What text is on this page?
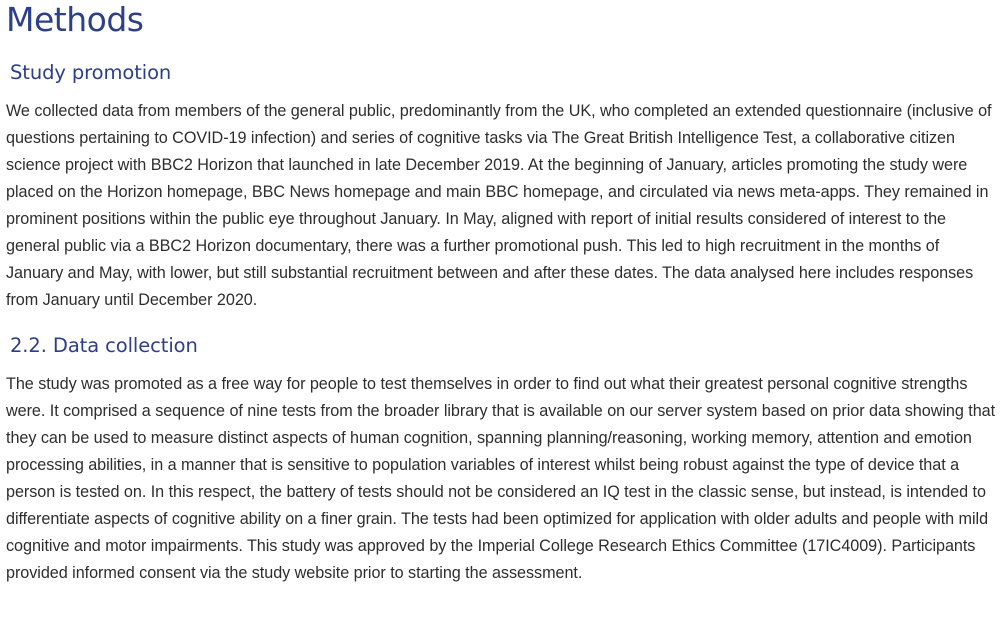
Methods
Study promotion

We collected data from members of the general public, predominantly from the UK, who completed an extended questionnaire (inclusive of questions pertaining to COVID-19 infection) and series of cognitive tasks via The Great British Intelligence Test, a collaborative citizen science project with BBC2 Horizon that launched in late December 2019. At the beginning of January, articles promoting the study were placed on the Horizon homepage, BBC News homepage and main BBC homepage, and circulated via news meta-apps. They remained in prominent positions within the public eye throughout January. In May, aligned with report of initial results considered of interest to the general public via a BBC2 Horizon documentary, there was a further promotional push. This led to high recruitment in the months of January and May, with lower, but still substantial recruitment between and after these dates. The data analysed here includes responses from January until December 2020.

2.2. Data collection

The study was promoted as a free way for people to test themselves in order to find out what their greatest personal cognitive strengths were. It comprised a sequence of nine tests from the broader library that is available on our server system based on prior data showing that they can be used to measure distinct aspects of human cognition, spanning planning/reasoning, working memory, attention and emotion processing abilities, in a manner that is sensitive to population variables of interest whilst being robust against the type of device that a person is tested on. In this respect, the battery of tests should not be considered an IQ test in the classic sense, but instead, is intended to differentiate aspects of cognitive ability on a finer grain. The tests had been optimized for application with older adults and people with mild cognitive and motor impairments. This study was approved by the Imperial College Research Ethics Committee (17IC4009). Participants provided informed consent via the study website prior to starting the assessment.
